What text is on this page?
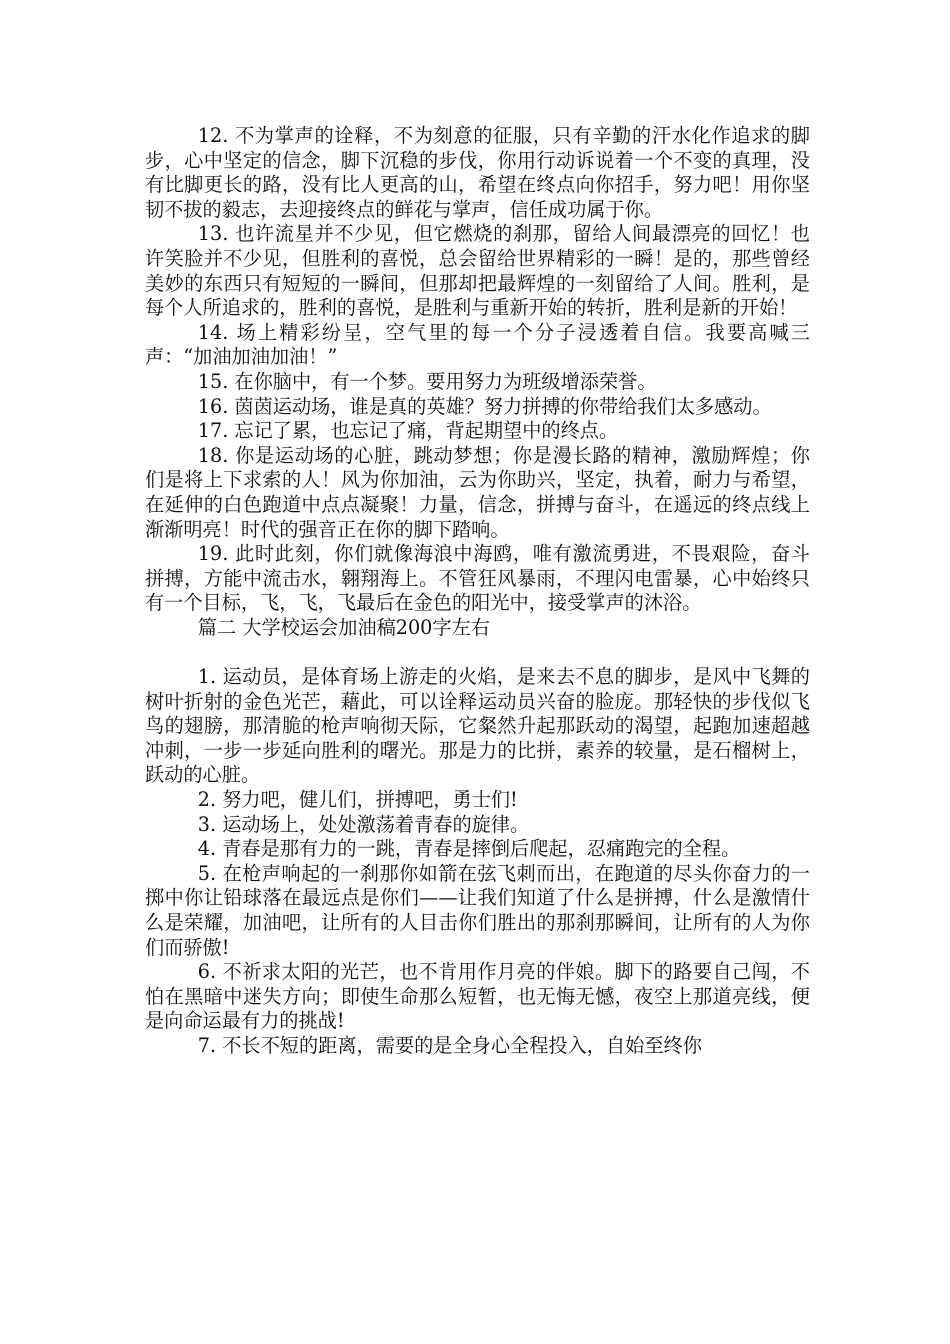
12. 不为掌声的诠释，不为刻意的征服，只有辛勤的汗水化作追求的脚步，心中坚定的信念，脚下沉稳的步伐，你用行动诉说着一个不变的真理，没有比脚更长的路，没有比人更高的山，希望在终点向你招手，努力吧！用你坚韧不拔的毅志，去迎接终点的鲜花与掌声，信任成功属于你。

13. 也许流星并不少见，但它燃烧的刹那，留给人间最漂亮的回忆！也许笑脸并不少见，但胜利的喜悦，总会留给世界精彩的一瞬！是的，那些曾经美妙的东西只有短短的一瞬间，但那却把最辉煌的一刻留给了人间。胜利，是每个人所追求的，胜利的喜悦，是胜利与重新开始的转折，胜利是新的开始！

14. 场上精彩纷呈，空气里的每一个分子浸透着自信。我要高喊三声：“加油加油加油！”

15. 在你脑中，有一个梦。要用努力为班级增添荣誉。

16. 茵茵运动场，谁是真的英雄？努力拼搏的你带给我们太多感动。

17. 忘记了累，也忘记了痛，背起期望中的终点。

18. 你是运动场的心脏，跳动梦想；你是漫长路的精神，激励辉煌；你们是将上下求索的人！风为你加油，云为你助兴，坚定，执着，耐力与希望，在延伸的白色跑道中点点凝聚！力量，信念，拼搏与奋斗，在遥远的终点线上渐渐明亮！时代的强音正在你的脚下踏响。

19. 此时此刻，你们就像海浪中海鸥，唯有激流勇进，不畏艰险，奋斗拼搏，方能中流击水，翱翔海上。不管狂风暴雨，不理闪电雷暴，心中始终只有一个目标，飞，飞，飞最后在金色的阳光中，接受掌声的沐浴。

篇二 大学校运会加油稿200字左右

1. 运动员，是体育场上游走的火焰，是来去不息的脚步，是风中飞舞的树叶折射的金色光芒，藉此，可以诠释运动员兴奋的脸庞。那轻快的步伐似飞鸟的翅膀，那清脆的枪声响彻天际，它粲然升起那跃动的渴望，起跑加速超越冲刺，一步一步延向胜利的曙光。那是力的比拼，素养的较量，是石榴树上，跃动的心脏。

2. 努力吧，健儿们，拼搏吧，勇士们!

3. 运动场上，处处激荡着青春的旋律。

4. 青春是那有力的一跳，青春是摔倒后爬起，忍痛跑完的全程。

5. 在枪声响起的一刹那你如箭在弦飞刺而出，在跑道的尽头你奋力的一掷中你让铅球落在最远点是你们——让我们知道了什么是拼搏，什么是激情什么是荣耀，加油吧，让所有的人目击你们胜出的那刹那瞬间，让所有的人为你们而骄傲!

6. 不祈求太阳的光芒，也不肯用作月亮的伴娘。脚下的路要自己闯，不怕在黑暗中迷失方向；即使生命那么短暂，也无悔无憾，夜空上那道亮线，便是向命运最有力的挑战!

7. 不长不短的距离，需要的是全身心全程投入，自始至终你
